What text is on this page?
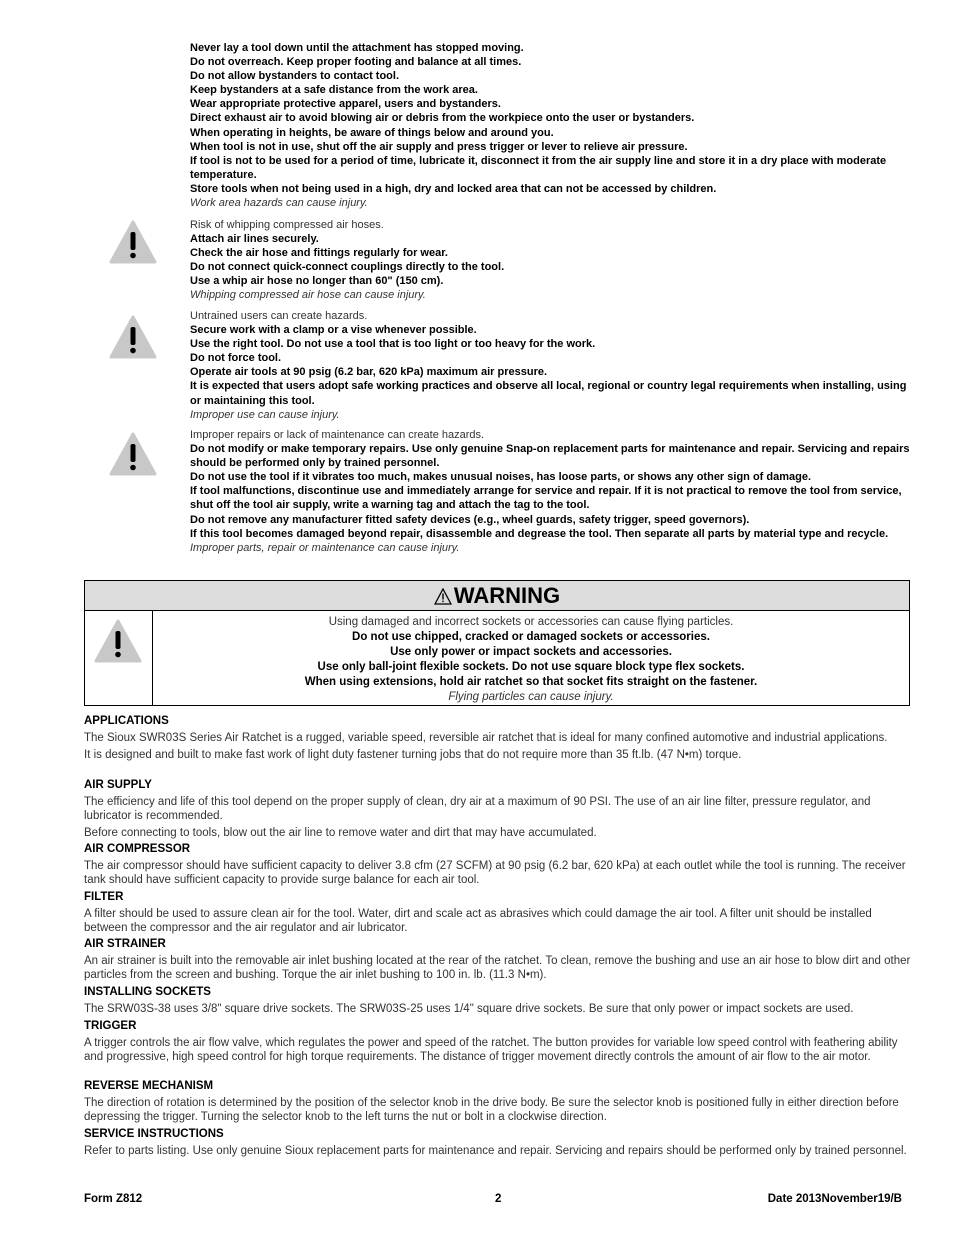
Never lay a tool down until the attachment has stopped moving.
Do not overreach. Keep proper footing and balance at all times.
Do not allow bystanders to contact tool.
Keep bystanders at a safe distance from the work area.
Wear appropriate protective apparel, users and bystanders.
Direct exhaust air to avoid blowing air or debris from the workpiece onto the user or bystanders.
When operating in heights, be aware of things below and around you.
When tool is not in use, shut off the air supply and press trigger or lever to relieve air pressure.
If tool is not to be used for a period of time, lubricate it, disconnect it from the air supply line and store it in a dry place with moderate temperature.
Store tools when not being used in a high, dry and locked area that can not be accessed by children.
Work area hazards can cause injury.
Risk of whipping compressed air hoses.
Attach air lines securely.
Check the air hose and fittings regularly for wear.
Do not connect quick-connect couplings directly to the tool.
Use a whip air hose no longer than 60" (150 cm).
Whipping compressed air hose can cause injury.
Untrained users can create hazards.
Secure work with a clamp or a vise whenever possible.
Use the right tool. Do not use a tool that is too light or too heavy for the work.
Do not force tool.
Operate air tools at 90 psig (6.2 bar, 620 kPa) maximum air pressure.
It is expected that users adopt safe working practices and observe all local, regional or country legal requirements when installing, using or maintaining this tool.
Improper use can cause injury.
Improper repairs or lack of maintenance can create hazards.
Do not modify or make temporary repairs. Use only genuine Snap-on replacement parts for maintenance and repair. Servicing and repairs should be performed only by trained personnel.
Do not use the tool if it vibrates too much, makes unusual noises, has loose parts, or shows any other sign of damage.
If tool malfunctions, discontinue use and immediately arrange for service and repair. If it is not practical to remove the tool from service, shut off the tool air supply, write a warning tag and attach the tag to the tool.
Do not remove any manufacturer fitted safety devices (e.g., wheel guards, safety trigger, speed governors).
If this tool becomes damaged beyond repair, disassemble and degrease the tool. Then separate all parts by material type and recycle.
Improper parts, repair or maintenance can cause injury.
WARNING
Using damaged and incorrect sockets or accessories can cause flying particles.
Do not use chipped, cracked or damaged sockets or accessories.
Use only power or impact sockets and accessories.
Use only ball-joint flexible sockets. Do not use square block type flex sockets.
When using extensions, hold air ratchet so that socket fits straight on the fastener.
Flying particles can cause injury.
APPLICATIONS

The Sioux SWR03S Series Air Ratchet is a rugged, variable speed, reversible air ratchet that is ideal for many confined automotive and industrial applications.

It is designed and built to make fast work of light duty fastener turning jobs that do not require more than 35 ft.lb. (47 N•m) torque.

AIR SUPPLY

The efficiency and life of this tool depend on the proper supply of clean, dry air at a maximum of 90 PSI. The use of an air line filter, pressure regulator, and lubricator is recommended.

Before connecting to tools, blow out the air line to remove water and dirt that may have accumulated.

AIR COMPRESSOR

The air compressor should have sufficient capacity to deliver 3.8 cfm (27 SCFM) at 90 psig (6.2 bar, 620 kPa) at each outlet while the tool is running. The receiver tank should have sufficient capacity to provide surge balance for each air tool.

FILTER

A filter should be used to assure clean air for the tool. Water, dirt and scale act as abrasives which could damage the air tool. A filter unit should be installed between the compressor and the air regulator and air lubricator.

AIR STRAINER

An air strainer is built into the removable air inlet bushing located at the rear of the ratchet. To clean, remove the bushing and use an air hose to blow dirt and other particles from the screen and bushing. Torque the air inlet bushing to 100 in. lb. (11.3 N•m).

INSTALLING SOCKETS

The SRW03S-38 uses 3/8" square drive sockets. The SRW03S-25 uses 1/4" square drive sockets. Be sure that only power or impact sockets are used.

TRIGGER

A trigger controls the air flow valve, which regulates the power and speed of the ratchet. The button provides for variable low speed control with feathering ability and progressive, high speed control for high torque requirements. The distance of trigger movement directly controls the amount of air flow to the air motor.

REVERSE MECHANISM

The direction of rotation is determined by the position of the selector knob in the drive body. Be sure the selector knob is positioned fully in either direction before depressing the trigger. Turning the selector knob to the left turns the nut or bolt in a clockwise direction.

SERVICE INSTRUCTIONS

Refer to parts listing. Use only genuine Sioux replacement parts for maintenance and repair. Servicing and repairs should be performed only by trained personnel.

Form Z812	2	Date 2013November19/B
